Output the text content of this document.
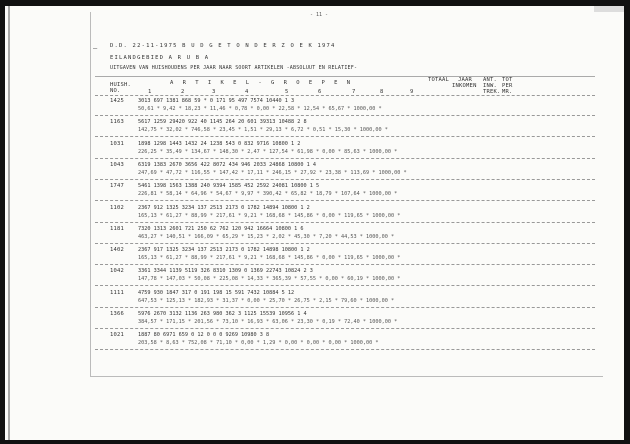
D.D. 22-11-1975 B U D G E T O N D E R Z O E K 1974
EILANDGEBIED A R U B A
UITGAVEN VAN HUISHOUDENS PER JAAR NAAR SOORT ARTIKELEN -ABSOLUUT EN RELATIEF-
HUISH.
NO.
A R T I K E L - G R O E P E N
1	2	3	4	5	6	7	8	9
TOTAAL JAAR
INKOMEN
ANT.
INW.
TREK.
TOT
PER
MR.
1425	3013 697 1381 868 59 * 0 171 95 497 7574 10440 1 3
50,61 * 9,42 * 18,23 * 11,46 * 0,78 * 0,00 * 22,58 * 12,54 * 65,67 * 1000,00 *
1163	5617 1259 29420 922 40 1145 264 20 601 39313 10488 2 8
142,75 * 32,02 * 746,58 * 23,45 * 1,51 * 29,13 * 6,72 * 0,51 * 15,30 * 1000,00 *
1031	1898 1298 1443 1432 24 1238 543 0 832 9716 10800 1 2
226,25 * 35,49 * 134,67 * 148,30 * 2,47 * 127,54 * 61,98 * 0,00 * 85,63 * 1000,00 *
1043	6319 1383 2670 3656 422 8072 434 946 2033 24868 10800 1 4
247,69 * 47,72 * 116,55 * 147,42 * 17,11 * 246,15 * 27,92 * 23,38 * 113,69 * 1000,00 *
1747	5461 1398 1563 1388 240 9394 1585 452 2592 24081 10800 1 5
226,81 * 58,14 * 64,96 * 54,67 * 9,97 * 390,42 * 65,82 * 18,79 * 107,64 * 1000,00 *
1102	2367 912 1325 3234 137 2513 2173 0 1782 14894 10800 1 2
165,13 * 61,27 * 88,99 * 217,61 * 9,21 * 168,68 * 145,86 * 0,00 * 119,65 * 1000,00 *
1181	7320 1313 2601 721 250 62 762 120 942 16664 10800 1 6
463,27 * 140,51 * 166,09 * 65,29 * 15,23 * 2,02 * 45,30 * 7,20 * 44,53 * 1000,00 *
1402	2367 917 1325 3234 137 2513 2173 0 1782 14898 10800 1 2
165,13 * 61,27 * 88,99 * 217,61 * 9,21 * 168,68 * 145,86 * 0,00 * 119,65 * 1000,00 *
1042	3361 3344 1139 5119 326 8310 1309 0 1369 22743 10824 2 3
147,78 * 147,03 * 50,08 * 225,08 * 14,33 * 365,39 * 57,55 * 0,00 * 60,19 * 1000,00 *
1111	4759 930 1847 317 0 191 198 15 591 7432 10884 5 12
647,53 * 125,13 * 182,93 * 31,37 * 0,00 * 25,70 * 26,75 * 2,15 * 79,60 * 1000,00 *
1366	5976 2670 3132 1136 263 980 362 3 1125 15539 10956 1 4
384,57 * 171,15 * 201,56 * 73,10 * 16,93 * 63,06 * 23,30 * 0,19 * 72,40 * 1000,00 *
1021	1887 80 6971 659 0 12 0 0 0 9269 10980 3 8
203,58 * 8,63 * 752,08 * 71,10 * 0,00 * 1,29 * 0,00 * 0,00 * 0,00 * 1000,00 *
—
- 11 -
